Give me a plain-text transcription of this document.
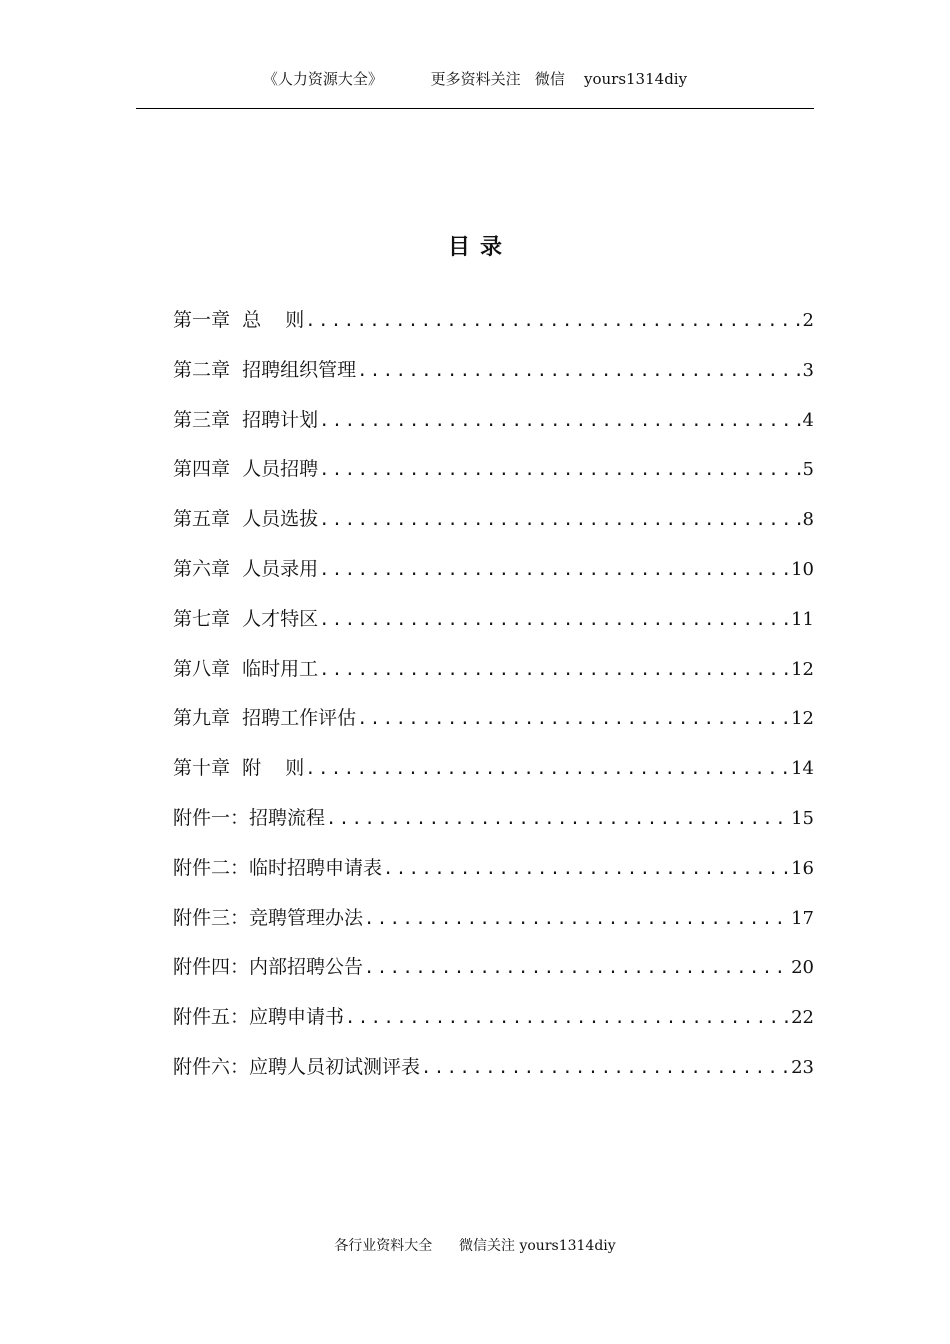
《人力资源大全》          更多资料关注   微信    yours1314diy
目录
第一章  总    则 .....	2
第二章  招聘组织管理 .....	3
第三章  招聘计划 .....	4
第四章  人员招聘 .....	5
第五章  人员选拔 .....	8
第六章  人员录用 .....	10
第七章  人才特区 .....	11
第八章  临时用工 .....	12
第九章  招聘工作评估 .....	12
第十章  附    则 .....	14
附件一：招聘流程 .....	15
附件二：临时招聘申请表 .....	16
附件三：竞聘管理办法 .....	17
附件四：内部招聘公告 .....	20
附件五：应聘申请书 .....	22
附件六：应聘人员初试测评表 .....	23
各行业资料大全      微信关注 yours1314diy
